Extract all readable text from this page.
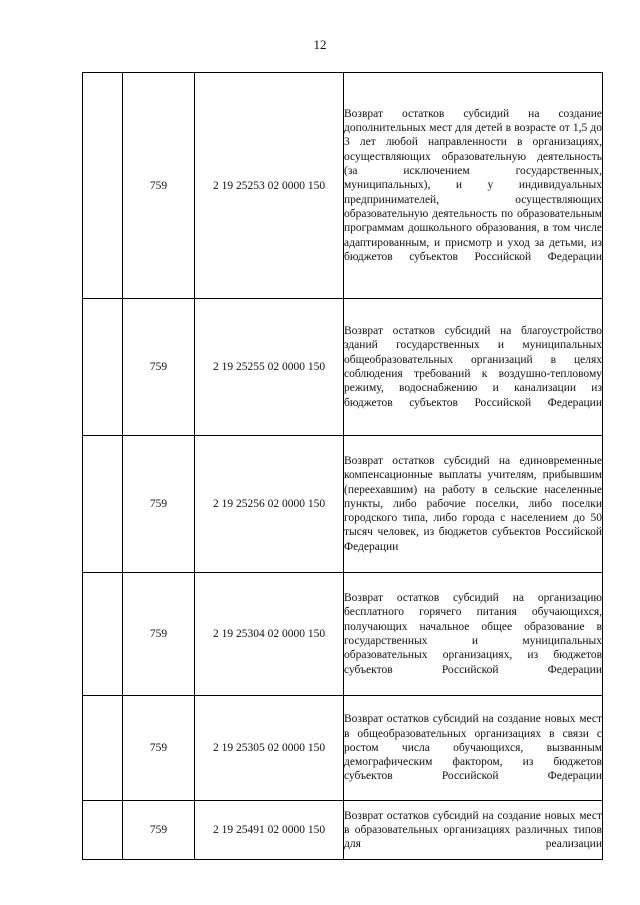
12
	759	2 19 25253 02 0000 150	Возврат остатков субсидий на создание дополнительных мест для детей в возрасте от 1,5 до 3 лет любой направленности в организациях, осуществляющих образовательную деятельность (за исключением государственных, муниципальных), и у индивидуальных предпринимателей, осуществляющих образовательную деятельность по образовательным программам дошкольного образования, в том числе адаптированным, и присмотр и уход за детьми, из бюджетов субъектов Российской Федерации

	759	2 19 25255 02 0000 150	Возврат остатков субсидий на благоустройство зданий государственных и муниципальных общеобразовательных организаций в целях соблюдения требований к воздушно-тепловому режиму, водоснабжению и канализации из бюджетов субъектов Российской Федерации

	759	2 19 25256 02 0000 150	Возврат остатков субсидий на единовременные компенсационные выплаты учителям, прибывшим (переехавшим) на работу в сельские населенные пункты, либо рабочие поселки, либо поселки городского типа, либо города с населением до 50 тысяч человек, из бюджетов субъектов Российской Федерации

	759	2 19 25304 02 0000 150	Возврат остатков субсидий на организацию бесплатного горячего питания обучающихся, получающих начальное общее образование в государственных и муниципальных образовательных организациях, из бюджетов субъектов Российской Федерации

	759	2 19 25305 02 0000 150	Возврат остатков субсидий на создание новых мест в общеобразовательных организациях в связи с ростом числа обучающихся, вызванным демографическим фактором, из бюджетов субъектов Российской Федерации

	759	2 19 25491 02 0000 150	Возврат остатков субсидий на создание новых мест в образовательных организациях различных типов для реализации
